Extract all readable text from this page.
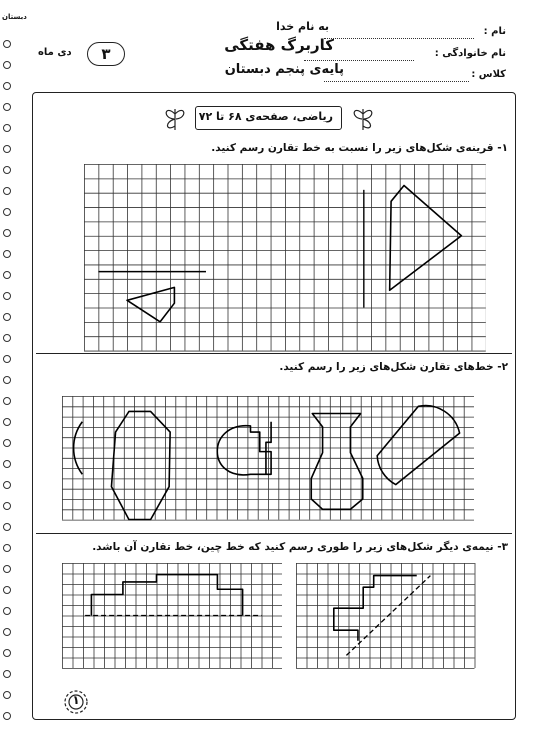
به نام خدا
کاربرگ هفتگی
پایه‌ی پنجم دبستان
نام :
نام خانوادگی :
کلاس :
۳
دی ماه
دبستان
ریاضی، صفحه‌ی ۶۸ تا ۷۲
۱- قرینه‌ی شکل‌های زیر را نسبت به خط تقارن رسم کنید.
۲- خط‌های تقارن شکل‌های زیر را رسم کنید.
۳- نیمه‌ی دیگر شکل‌های زیر را طوری رسم کنید که خط چین، خط تقارن آن باشد.
۱
